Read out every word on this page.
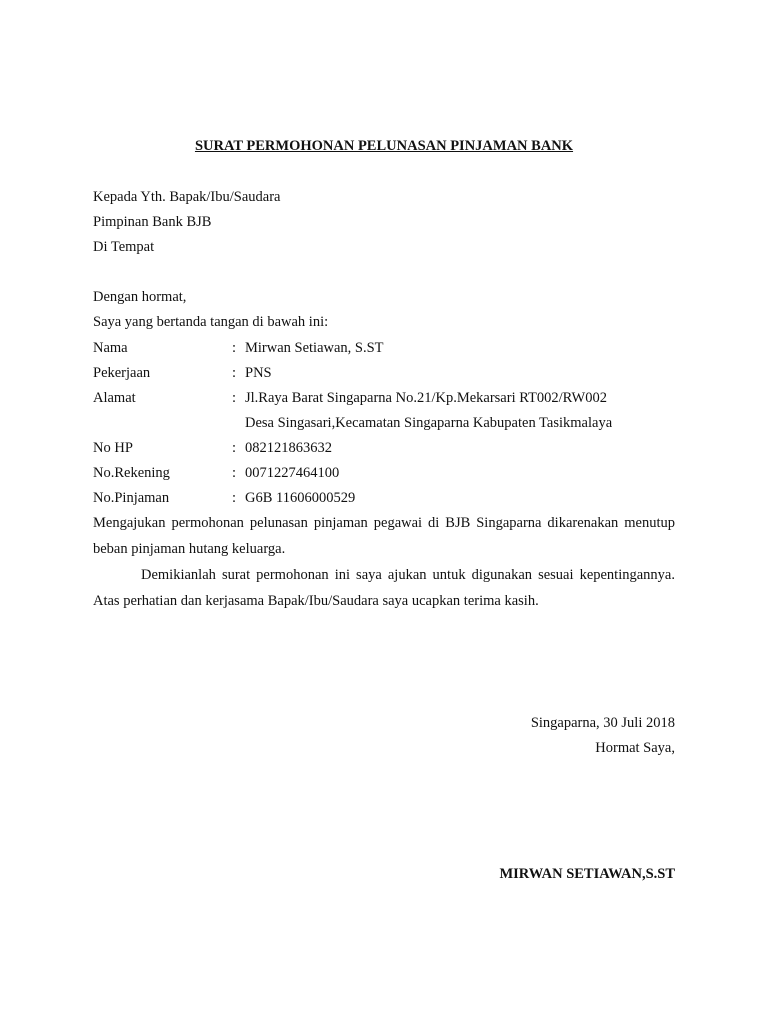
SURAT PERMOHONAN PELUNASAN PINJAMAN BANK
Kepada Yth. Bapak/Ibu/Saudara
Pimpinan Bank BJB
Di Tempat
Dengan hormat,
Saya yang bertanda tangan di bawah ini:
Nama	: Mirwan Setiawan, S.ST
Pekerjaan	: PNS
Alamat	: Jl.Raya Barat Singaparna No.21/Kp.Mekarsari RT002/RW002
Desa Singasari,Kecamatan Singaparna Kabupaten Tasikmalaya
No HP	: 082121863632
No.Rekening	: 0071227464100
No.Pinjaman	: G6B 11606000529
Mengajukan permohonan pelunasan pinjaman pegawai di BJB Singaparna dikarenakan menutup beban pinjaman hutang keluarga.
Demikianlah surat permohonan ini saya ajukan untuk digunakan sesuai kepentingannya. Atas perhatian dan kerjasama Bapak/Ibu/Saudara saya ucapkan terima kasih.
Singaparna, 30 Juli 2018
Hormat Saya,
MIRWAN SETIAWAN,S.ST
